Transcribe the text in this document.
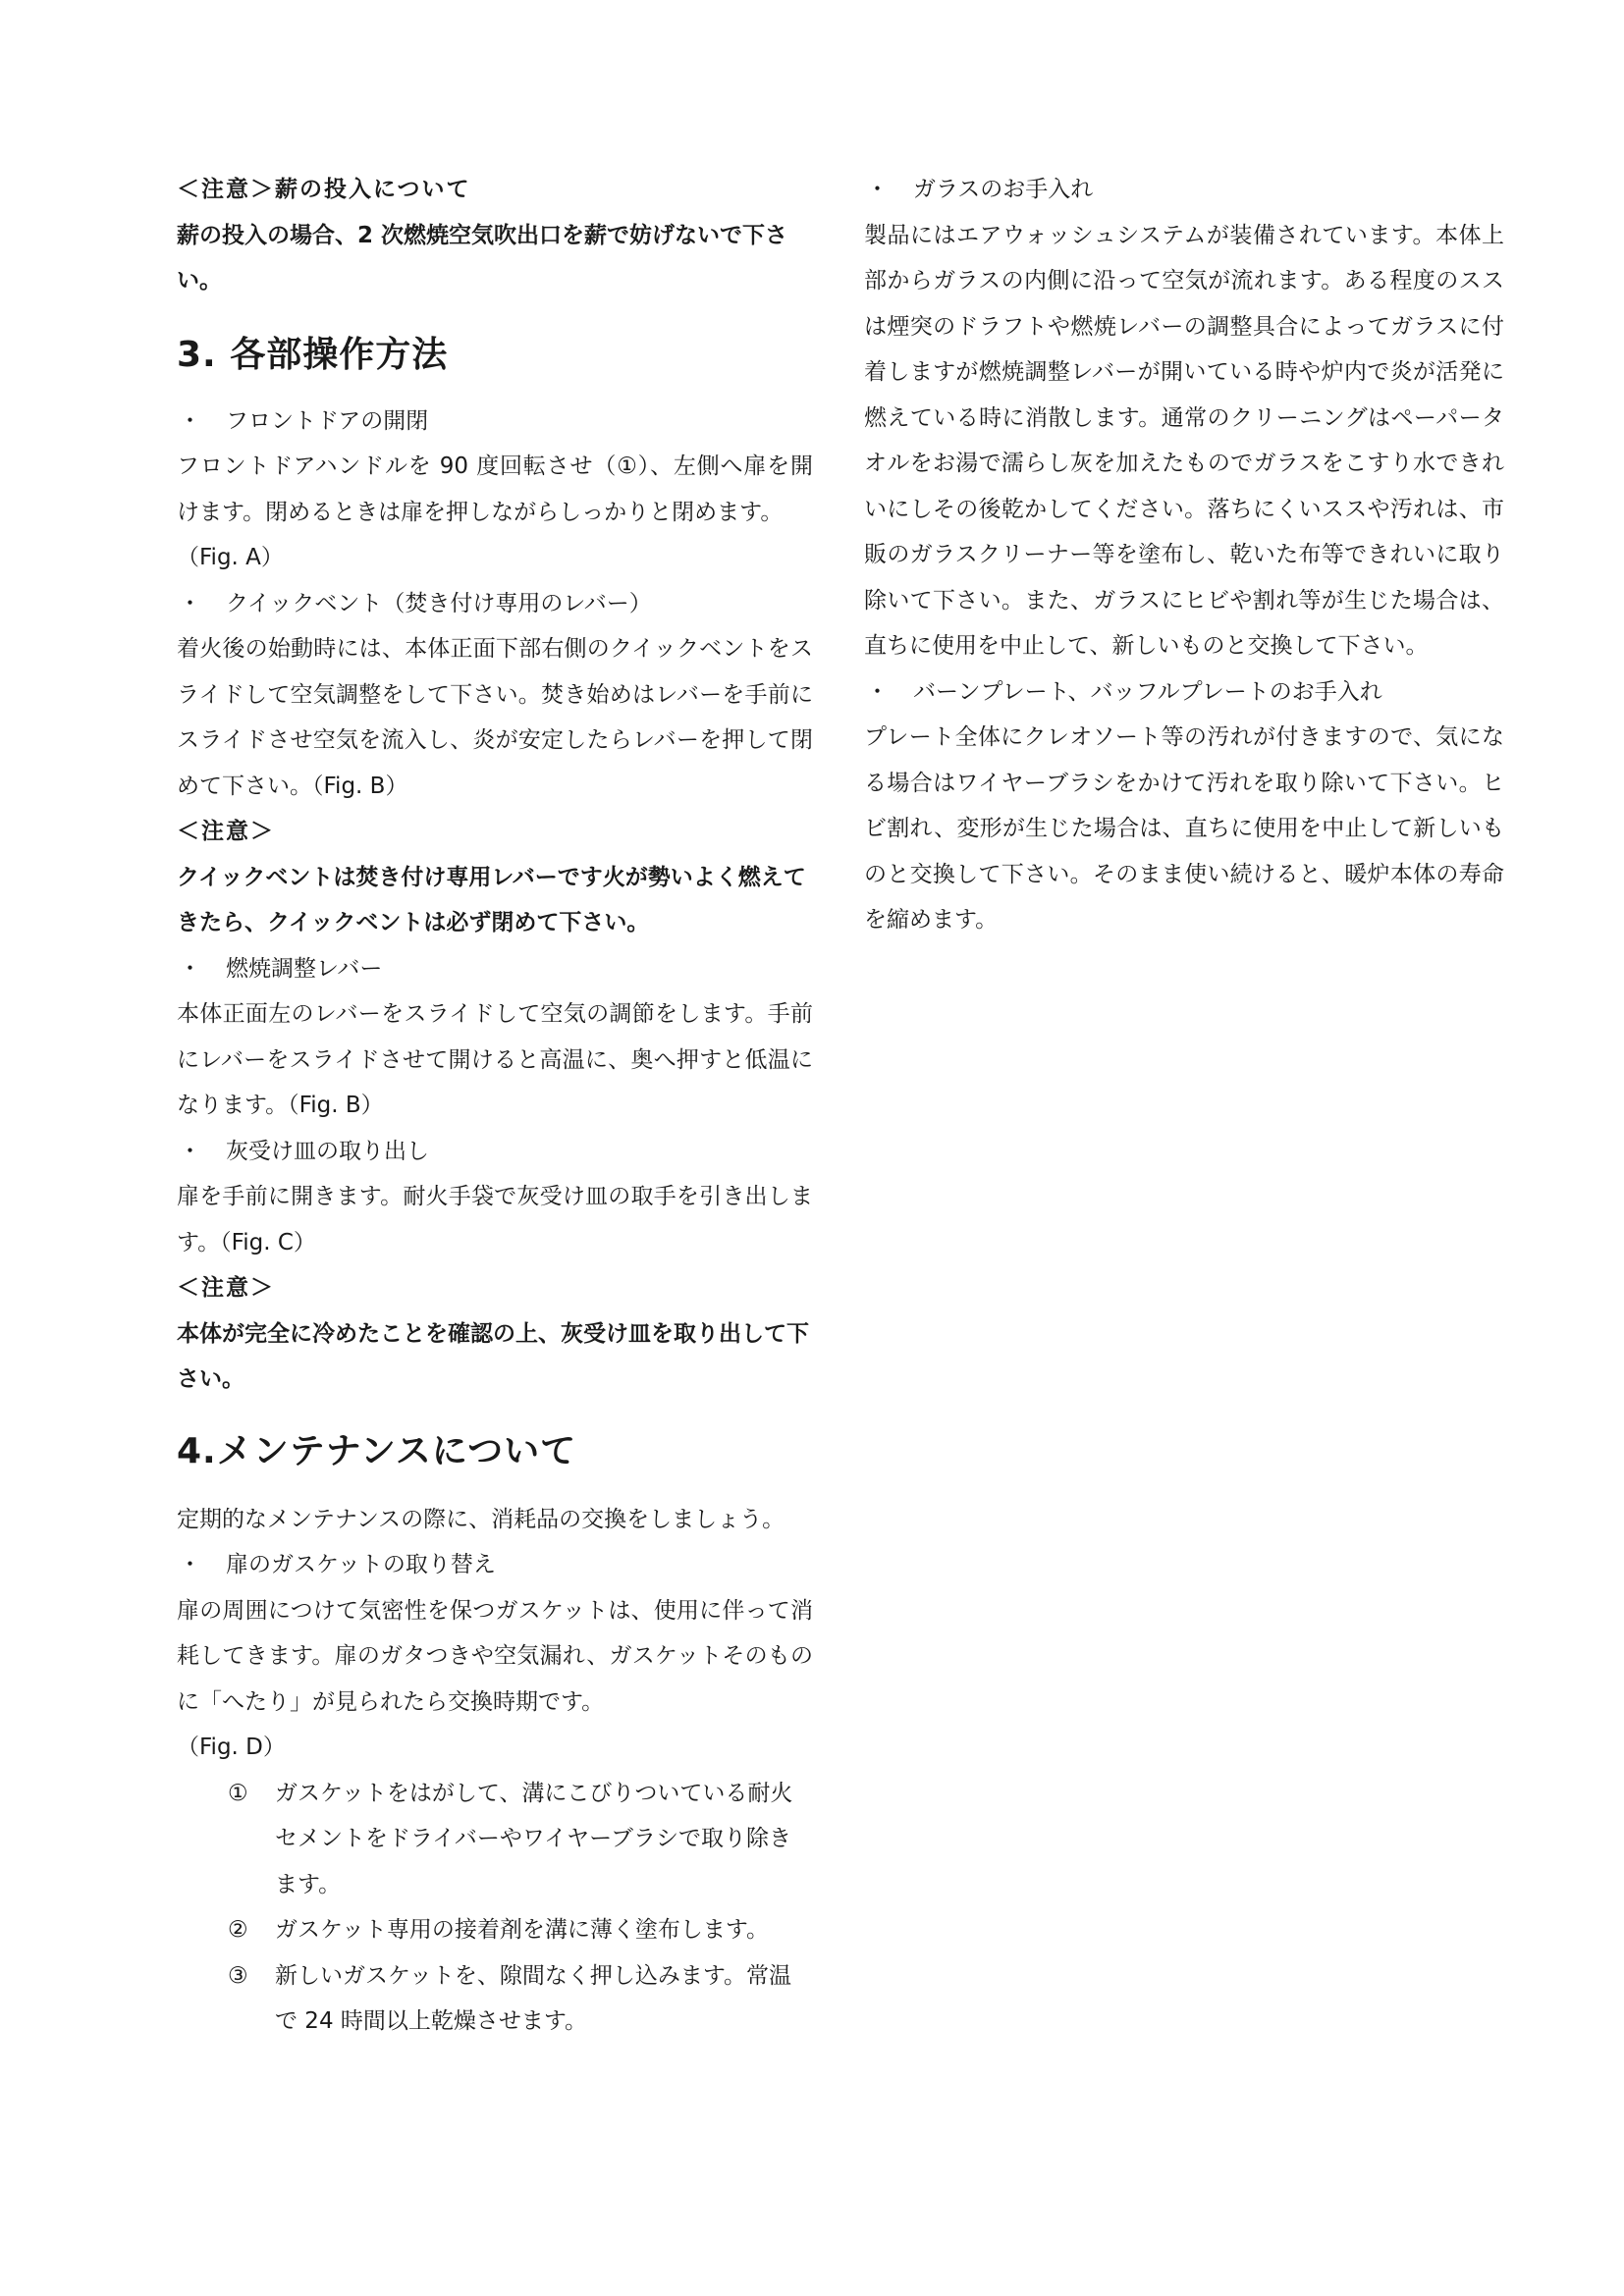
＜注意＞薪の投入について

薪の投入の場合、2 次燃焼空気吹出口を薪で妨げないで下さい。

3. 各部操作方法

・	フロントドアの開閉

フロントドアハンドルを 90 度回転させ（①）、左側へ扉を開けます。閉めるときは扉を押しながらしっかりと閉めます。

（Fig. A）

・	クイックベント（焚き付け専用のレバー）

着火後の始動時には、本体正面下部右側のクイックベントをスライドして空気調整をして下さい。焚き始めはレバーを手前にスライドさせ空気を流入し、炎が安定したらレバーを押して閉めて下さい。（Fig. B）

＜注意＞

クイックベントは焚き付け専用レバーです火が勢いよく燃えてきたら、クイックベントは必ず閉めて下さい。

・	燃焼調整レバー

本体正面左のレバーをスライドして空気の調節をします。手前にレバーをスライドさせて開けると高温に、奥へ押すと低温になります。（Fig. B）

・	灰受け皿の取り出し

扉を手前に開きます。耐火手袋で灰受け皿の取手を引き出します。（Fig. C）

＜注意＞

本体が完全に冷めたことを確認の上、灰受け皿を取り出して下さい。

4.メンテナンスについて

定期的なメンテナンスの際に、消耗品の交換をしましょう。

・	扉のガスケットの取り替え

扉の周囲につけて気密性を保つガスケットは、使用に伴って消耗してきます。扉のガタつきや空気漏れ、ガスケットそのものに「へたり」が見られたら交換時期です。

（Fig. D）

①	ガスケットをはがして、溝にこびりついている耐火セメントをドライバーやワイヤーブラシで取り除きます。
②	ガスケット専用の接着剤を溝に薄く塗布します。
③	新しいガスケットを、隙間なく押し込みます。常温で 24 時間以上乾燥させます。

・	ガラスのお手入れ

製品にはエアウォッシュシステムが装備されています。本体上部からガラスの内側に沿って空気が流れます。ある程度のススは煙突のドラフトや燃焼レバーの調整具合によってガラスに付着しますが燃焼調整レバーが開いている時や炉内で炎が活発に燃えている時に消散します。通常のクリーニングはペーパータオルをお湯で濡らし灰を加えたものでガラスをこすり水できれいにしその後乾かしてください。落ちにくいススや汚れは、市販のガラスクリーナー等を塗布し、乾いた布等できれいに取り除いて下さい。また、ガラスにヒビや割れ等が生じた場合は、直ちに使用を中止して、新しいものと交換して下さい。

・	バーンプレート、バッフルプレートのお手入れ

プレート全体にクレオソート等の汚れが付きますので、気になる場合はワイヤーブラシをかけて汚れを取り除いて下さい。ヒビ割れ、変形が生じた場合は、直ちに使用を中止して新しいものと交換して下さい。そのまま使い続けると、暖炉本体の寿命を縮めます。
